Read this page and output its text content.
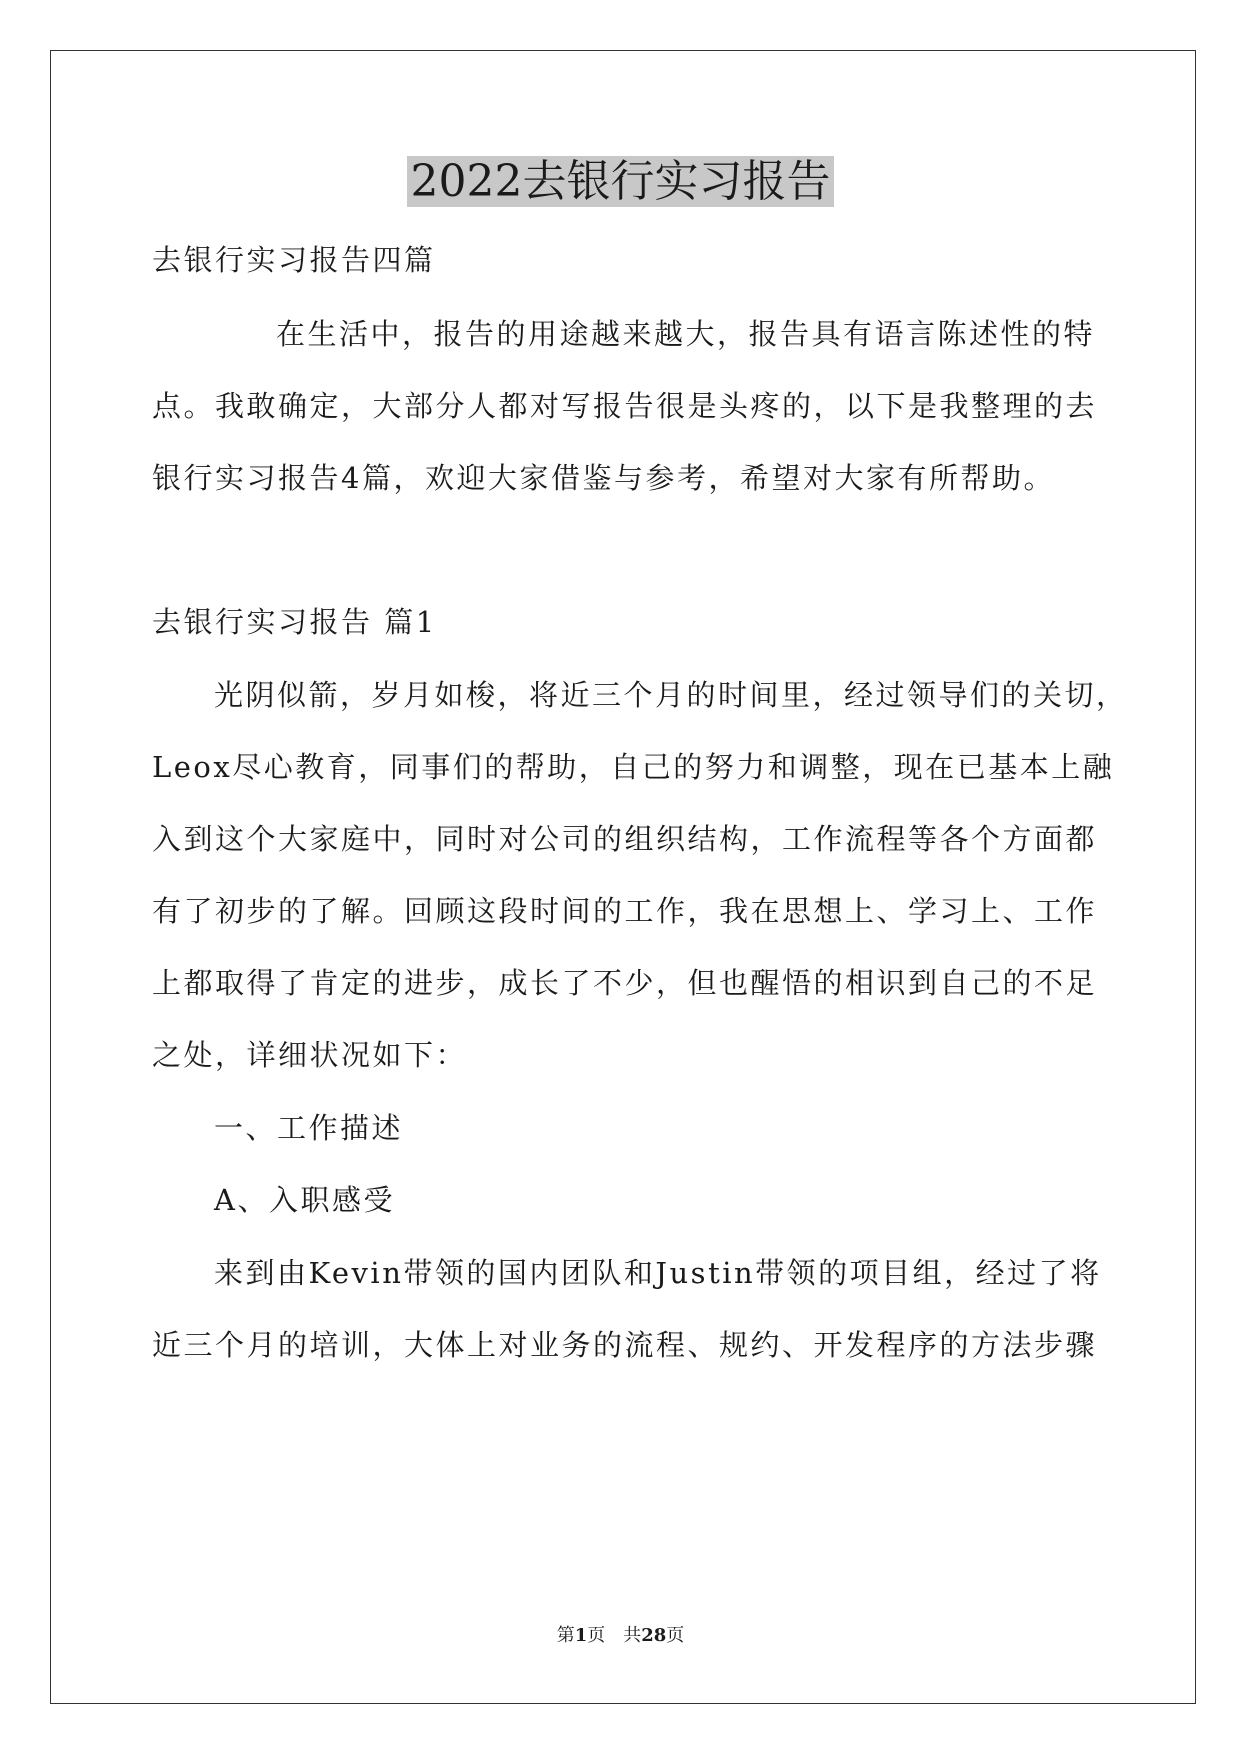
2022去银行实习报告

去银行实习报告四篇

在生活中，报告的用途越来越大，报告具有语言陈述性的特

点。我敢确定，大部分人都对写报告很是头疼的，以下是我整理的去

银行实习报告4篇，欢迎大家借鉴与参考，希望对大家有所帮助。

去银行实习报告 篇1

光阴似箭，岁月如梭，将近三个月的时间里，经过领导们的关切，

Leox尽心教育，同事们的帮助，自己的努力和调整，现在已基本上融

入到这个大家庭中，同时对公司的组织结构，工作流程等各个方面都

有了初步的了解。回顾这段时间的工作，我在思想上、学习上、工作

上都取得了肯定的进步，成长了不少，但也醒悟的相识到自己的不足

之处，详细状况如下：

一、工作描述

A、入职感受

来到由Kevin带领的国内团队和Justin带领的项目组，经过了将

近三个月的培训，大体上对业务的流程、规约、开发程序的方法步骤

第1页　共28页
